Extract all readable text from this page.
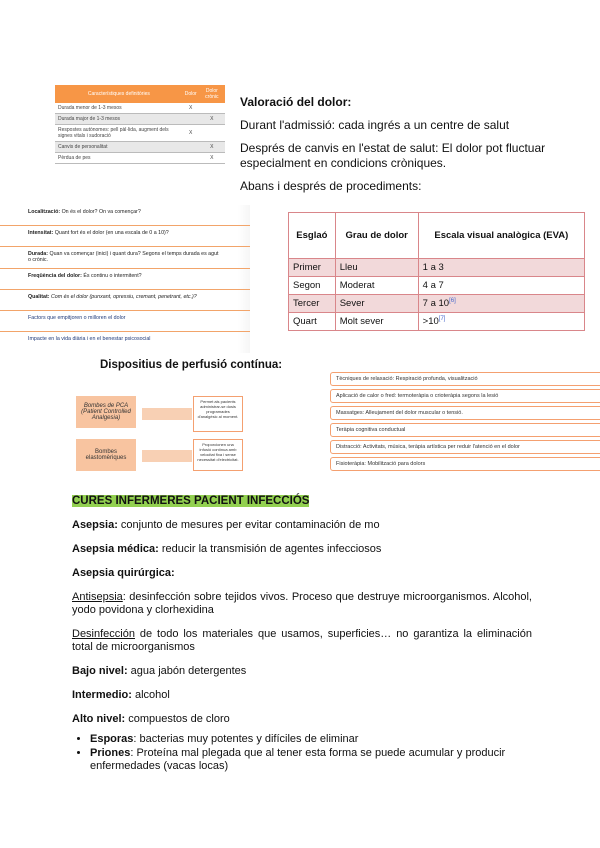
Característiques definitòries	Dolor	Dolor crònic
Durada menor de 1-3 mesos	X	
Durada major de 1-3 mesos		X
Respostes autònomes: pell pàl·lida, augment dels signes vitals i sudoració	X	
Canvis de personalitat		X
Pèrdua de pes		X

Valoració del dolor:

Durant l'admissió: cada ingrés a un centre de salut

Després de canvis en l'estat de salut: El dolor pot fluctuar especialment en condicions cròniques.

Abans i després de procediments:

Localització: On és el dolor? On va començar?
Intensitat: Quant fort és el dolor (en una escala de 0 a 10)?
Durada: Quan va començar (inici) i quant dura? Segons el temps durada es agut o crònic.
Freqüència del dolor: És continu o intermitent?
Qualitat: Com és el dolor (punxant, opressiu, cremant, penetrant, etc.)?
Factors que empitjoren o milloren el dolor
Impacte en la vida diària i en el benestar psicosocial
Esglaó	Grau de dolor	Escala visual analògica (EVA)
Primer	Lleu	1 a 3
Segon	Moderat	4 a 7
Tercer	Sever	7 a 10[6]
Quart	Molt sever	>10[7]
Dispositius de perfusió contínua:
Bombes de PCA (Patient Controlled Analgesia)
Permet als pacients administrar-se dosis programades d'analgèsic al moment.
Bombes elastomèriques
Proporcionen una infusió contínua amb velocitat fixa i sense necessitat d'electricitat.
Tècniques de relaxació: Respiració profunda, visualització
Aplicació de calor o fred: termoteràpia o crioteràpia segons la lesió
Massatges: Alleujament del dolor muscular o tensió.
Teràpia cognitiva conductual
Distracció: Activitats, música, teràpia artística per reduir l'atenció en el dolor
Fisioteràpia: Mobilització para dolors

CURES INFERMERES PACIENT INFECCIÓS

Asepsia: conjunto de mesures per evitar contaminación de mo

Asepsia médica: reducir la transmisión de agentes infecciosos

Asepsia quirúrgica:

Antisepsia: desinfección sobre tejidos vivos. Proceso que destruye microorganismos. Alcohol, yodo povidona y clorhexidina

Desinfección de todo los materiales que usamos, superficies… no garantiza la eliminación total de microorganismos

Bajo nivel: agua jabón detergentes

Intermedio: alcohol

Alto nivel: compuestos de cloro

• Esporas: bacterias muy potentes y difíciles de eliminar
• Priones: Proteína mal plegada que al tener esta forma se puede acumular y producir enfermedades (vacas locas)
